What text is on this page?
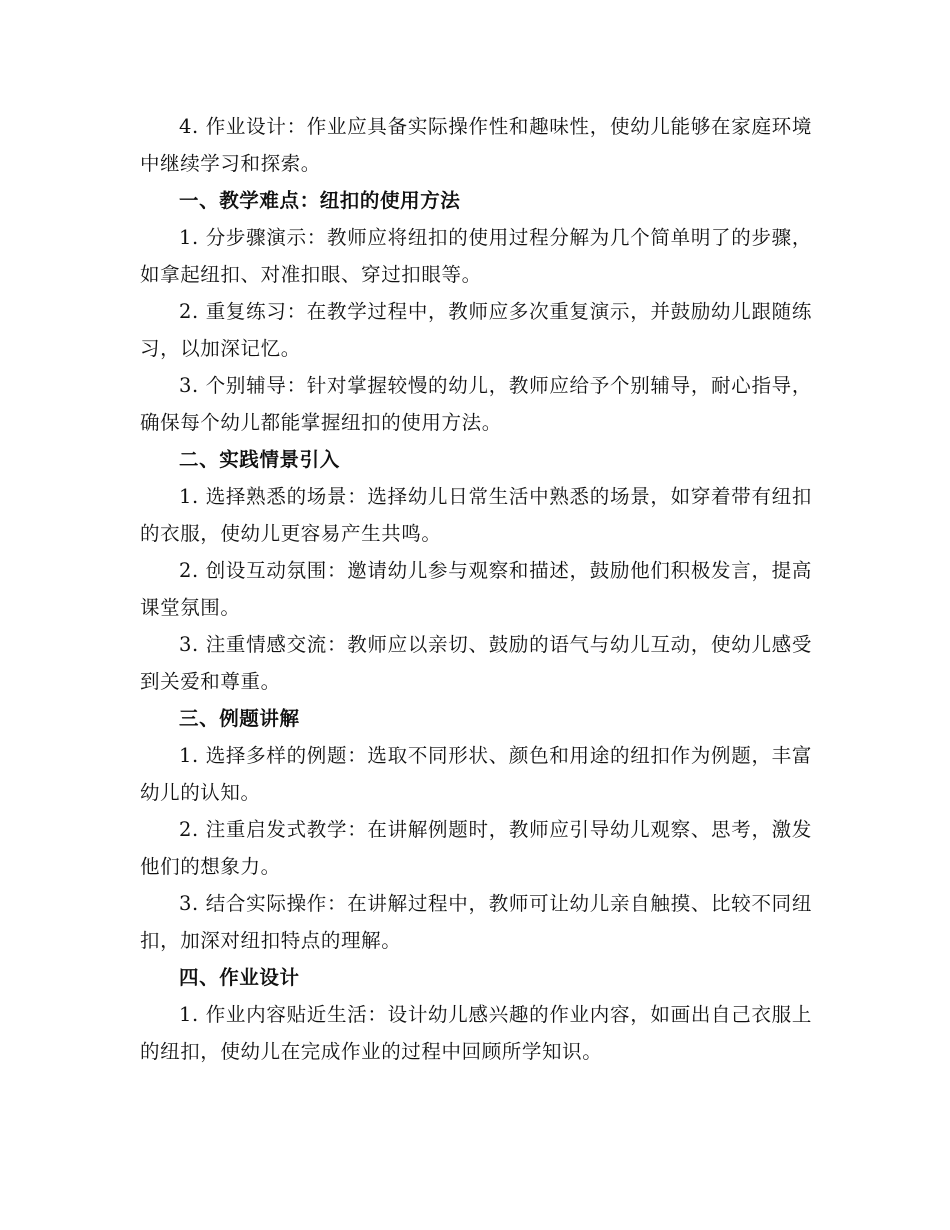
4. 作业设计：作业应具备实际操作性和趣味性，使幼儿能够在家庭环境中继续学习和探索。

一、教学难点：纽扣的使用方法

1. 分步骤演示：教师应将纽扣的使用过程分解为几个简单明了的步骤，如拿起纽扣、对准扣眼、穿过扣眼等。

2. 重复练习：在教学过程中，教师应多次重复演示，并鼓励幼儿跟随练习，以加深记忆。

3. 个别辅导：针对掌握较慢的幼儿，教师应给予个别辅导，耐心指导，确保每个幼儿都能掌握纽扣的使用方法。

二、实践情景引入

1. 选择熟悉的场景：选择幼儿日常生活中熟悉的场景，如穿着带有纽扣的衣服，使幼儿更容易产生共鸣。

2. 创设互动氛围：邀请幼儿参与观察和描述，鼓励他们积极发言，提高课堂氛围。

3. 注重情感交流：教师应以亲切、鼓励的语气与幼儿互动，使幼儿感受到关爱和尊重。

三、例题讲解

1. 选择多样的例题：选取不同形状、颜色和用途的纽扣作为例题，丰富幼儿的认知。

2. 注重启发式教学：在讲解例题时，教师应引导幼儿观察、思考，激发他们的想象力。

3. 结合实际操作：在讲解过程中，教师可让幼儿亲自触摸、比较不同纽扣，加深对纽扣特点的理解。

四、作业设计

1. 作业内容贴近生活：设计幼儿感兴趣的作业内容，如画出自己衣服上的纽扣，使幼儿在完成作业的过程中回顾所学知识。
